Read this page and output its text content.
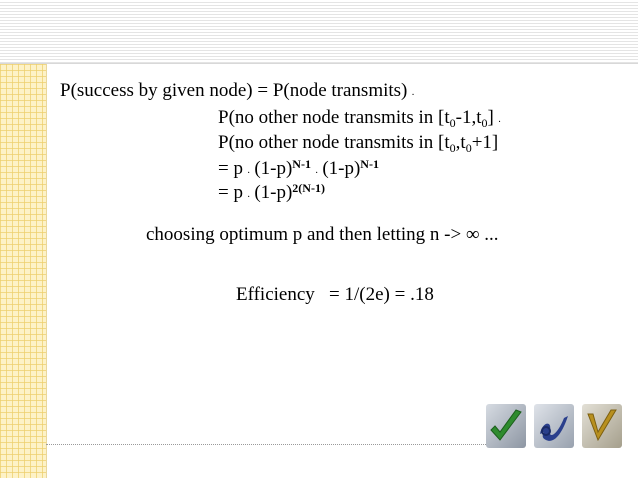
P(success by given node) = P(node transmits) ·
P(no other node transmits in $[t_0-1,t_0]$ ·
P(no other node transmits in $[t_0,t_0+1]$
= $p \cdot (1-p)^{N-1}\cdot (1-p)^{N-1}$
= $p \cdot (1-p)^{2(N-1)}$
choosing optimum p and then letting n -> ∞ ...
Efficiency   = 1/(2e) = .18
